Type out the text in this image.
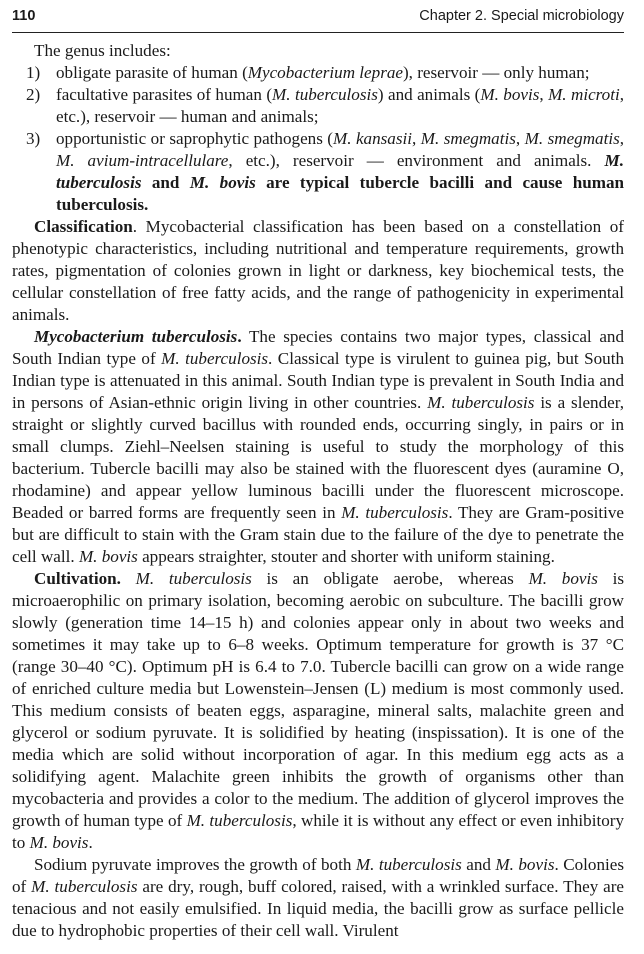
110	Chapter 2. Special microbiology

The genus includes:

1) obligate parasite of human (Mycobacterium leprae), reservoir — only human;
2) facultative parasites of human (M. tuberculosis) and animals (M. bovis, M. microti, etc.), reservoir — human and animals;
3) opportunistic or saprophytic pathogens (M. kansasii, M. smegmatis, M. smegmatis, M. avium-intracellulare, etc.), reservoir — environment and animals. M. tuberculosis and M. bovis are typical tubercle bacilli and cause human tuberculosis.

Classification. Mycobacterial classification has been based on a constellation of phenotypic characteristics, including nutritional and temperature requirements, growth rates, pigmentation of colonies grown in light or darkness, key biochemical tests, the cellular constellation of free fatty acids, and the range of pathogenicity in experimental animals.

Mycobacterium tuberculosis. The species contains two major types, classical and South Indian type of M. tuberculosis. Classical type is virulent to guinea pig, but South Indian type is attenuated in this animal. South Indian type is prevalent in South India and in persons of Asian-ethnic origin living in other countries. M. tuberculosis is a slender, straight or slightly curved bacillus with rounded ends, occurring singly, in pairs or in small clumps. Ziehl–Neelsen staining is useful to study the morphology of this bacterium. Tubercle bacilli may also be stained with the fluorescent dyes (auramine O, rhodamine) and appear yellow luminous bacilli under the fluorescent microscope. Beaded or barred forms are frequently seen in M. tuberculosis. They are Gram-positive but are difficult to stain with the Gram stain due to the failure of the dye to penetrate the cell wall. M. bovis appears straighter, stouter and shorter with uniform staining.

Cultivation. M. tuberculosis is an obligate aerobe, whereas M. bovis is microaerophilic on primary isolation, becoming aerobic on subculture. The bacilli grow slowly (generation time 14–15 h) and colonies appear only in about two weeks and sometimes it may take up to 6–8 weeks. Optimum temperature for growth is 37 °C (range 30–40 °C). Optimum pH is 6.4 to 7.0. Tubercle bacilli can grow on a wide range of enriched culture media but Lowenstein–Jensen (L) medium is most commonly used. This medium consists of beaten eggs, asparagine, mineral salts, malachite green and glycerol or sodium pyruvate. It is solidified by heating (inspissation). It is one of the media which are solid without incorporation of agar. In this medium egg acts as a solidifying agent. Malachite green inhibits the growth of organisms other than mycobacteria and provides a color to the medium. The addition of glycerol improves the growth of human type of M. tuberculosis, while it is without any effect or even inhibitory to M. bovis.

Sodium pyruvate improves the growth of both M. tuberculosis and M. bovis. Colonies of M. tuberculosis are dry, rough, buff colored, raised, with a wrinkled surface. They are tenacious and not easily emulsified. In liquid media, the bacilli grow as surface pellicle due to hydrophobic properties of their cell wall. Virulent
